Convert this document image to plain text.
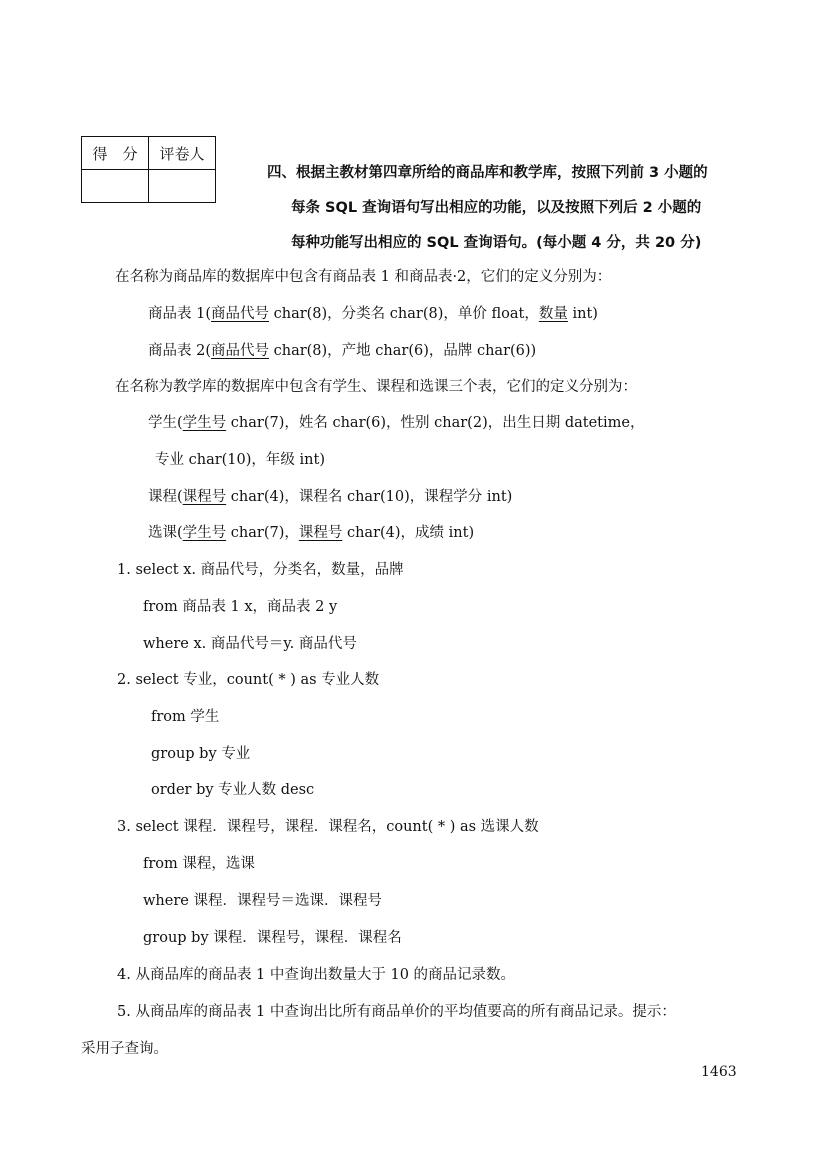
得　分	评卷人

四、根据主教材第四章所给的商品库和教学库，按照下列前 3 小题的
每条 SQL 查询语句写出相应的功能，以及按照下列后 2 小题的
每种功能写出相应的 SQL 查询语句。(每小题 4 分，共 20 分)
在名称为商品库的数据库中包含有商品表 1 和商品表·2，它们的定义分别为：
商品表 1(商品代号 char(8)，分类名 char(8)，单价 float，数量 int)
商品表 2(商品代号 char(8)，产地 char(6)，品牌 char(6))
在名称为教学库的数据库中包含有学生、课程和选课三个表，它们的定义分别为：
学生(学生号 char(7)，姓名 char(6)，性别 char(2)，出生日期 datetime，
专业 char(10)，年级 int)
课程(课程号 char(4)，课程名 char(10)，课程学分 int)
选课(学生号 char(7)，课程号 char(4)，成绩 int)
1. select x. 商品代号，分类名，数量，品牌
from 商品表 1 x，商品表 2 y
where x. 商品代号＝y. 商品代号
2. select 专业，count( * ) as 专业人数
from 学生
group by 专业
order by 专业人数 desc
3. select 课程．课程号，课程．课程名，count( * ) as 选课人数
from 课程，选课
where 课程．课程号＝选课．课程号
group by 课程．课程号，课程．课程名
4. 从商品库的商品表 1 中查询出数量大于 10 的商品记录数。
5. 从商品库的商品表 1 中查询出比所有商品单价的平均值要高的所有商品记录。提示：
采用子查询。
1463
